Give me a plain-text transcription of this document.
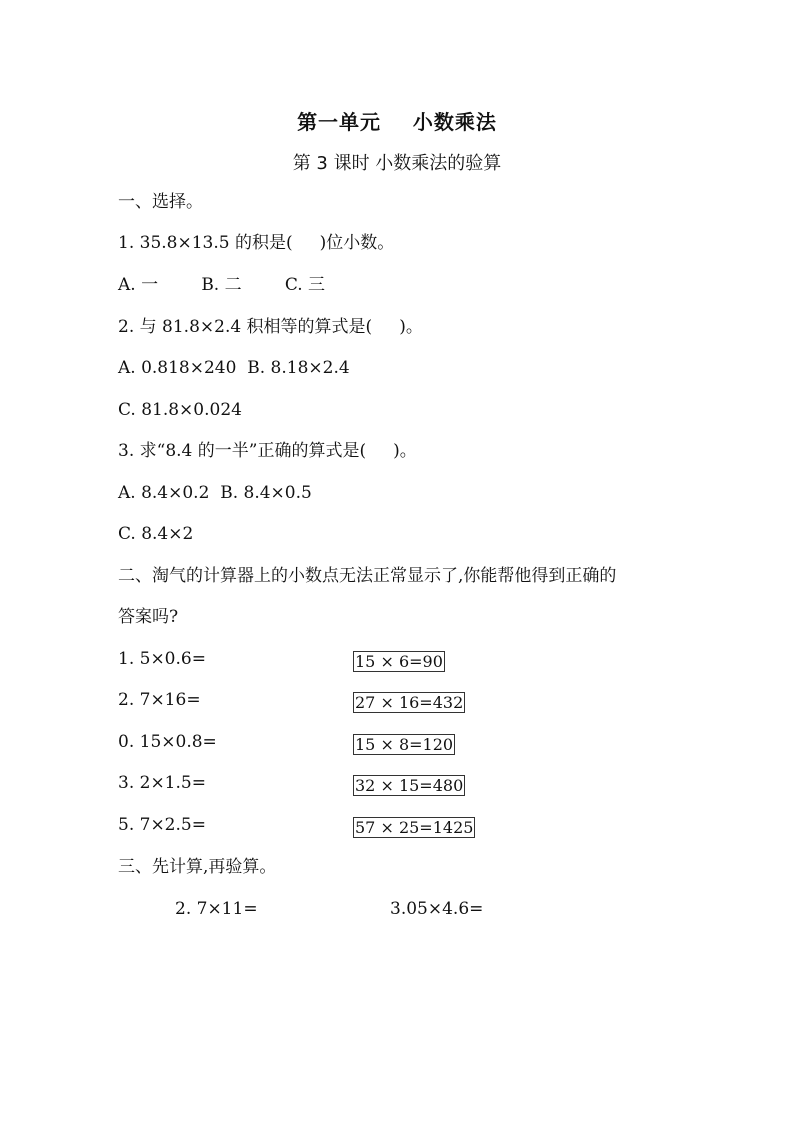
第一单元    小数乘法
第 3 课时 小数乘法的验算
一、选择。
1. 35.8×13.5 的积是(     )位小数。
A. 一        B. 二        C. 三
2. 与 81.8×2.4 积相等的算式是(     )。
A. 0.818×240  B. 8.18×2.4
C. 81.8×0.024
3. 求“8.4 的一半”正确的算式是(     )。
A. 8.4×0.2  B. 8.4×0.5
C. 8.4×2
二、淘气的计算器上的小数点无法正常显示了,你能帮他得到正确的
答案吗?
1. 5×0.6=	15 × 6=90
2. 7×16=	27 × 16=432
0. 15×0.8=	15 × 8=120
3. 2×1.5=	32 × 15=480
5. 7×2.5=	57 × 25=1425
三、先计算,再验算。
2. 7×11=	3.05×4.6=
